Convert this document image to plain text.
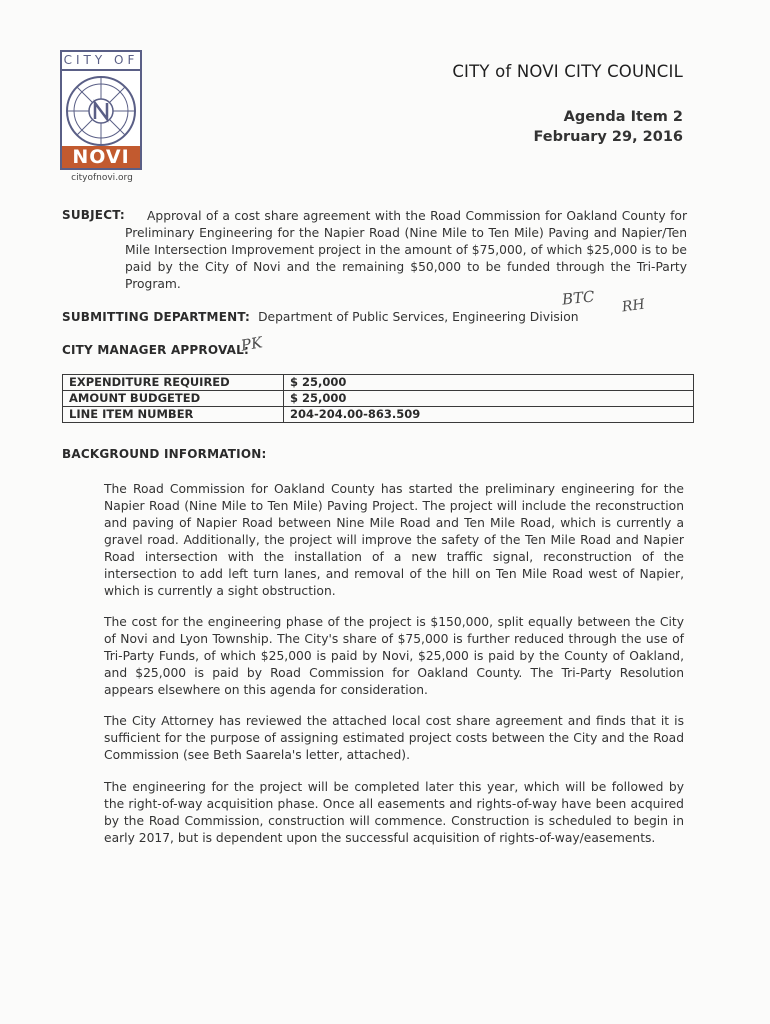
CITY OF
NOVI
cityofnovi.org
CITY of NOVI CITY COUNCIL
Agenda Item 2
February 29, 2016
SUBJECT:	Approval of a cost share agreement with the Road Commission for Oakland County for Preliminary Engineering for the Napier Road (Nine Mile to Ten Mile) Paving and Napier/Ten Mile Intersection Improvement project in the amount of $75,000, of which $25,000 is to be paid by the City of Novi and the remaining $50,000 to be funded through the Tri-Party Program.
SUBMITTING DEPARTMENT: Department of Public Services, Engineering Division
BTC RH
CITY MANAGER APPROVAL:
PK
EXPENDITURE REQUIRED	$ 25,000
AMOUNT BUDGETED	$ 25,000
LINE ITEM NUMBER	204-204.00-863.509
BACKGROUND INFORMATION:
The Road Commission for Oakland County has started the preliminary engineering for the Napier Road (Nine Mile to Ten Mile) Paving Project. The project will include the reconstruction and paving of Napier Road between Nine Mile Road and Ten Mile Road, which is currently a gravel road. Additionally, the project will improve the safety of the Ten Mile Road and Napier Road intersection with the installation of a new traffic signal, reconstruction of the intersection to add left turn lanes, and removal of the hill on Ten Mile Road west of Napier, which is currently a sight obstruction.
The cost for the engineering phase of the project is $150,000, split equally between the City of Novi and Lyon Township. The City's share of $75,000 is further reduced through the use of Tri-Party Funds, of which $25,000 is paid by Novi, $25,000 is paid by the County of Oakland, and $25,000 is paid by Road Commission for Oakland County. The Tri-Party Resolution appears elsewhere on this agenda for consideration.
The City Attorney has reviewed the attached local cost share agreement and finds that it is sufficient for the purpose of assigning estimated project costs between the City and the Road Commission (see Beth Saarela's letter, attached).
The engineering for the project will be completed later this year, which will be followed by the right-of-way acquisition phase. Once all easements and rights-of-way have been acquired by the Road Commission, construction will commence. Construction is scheduled to begin in early 2017, but is dependent upon the successful acquisition of rights-of-way/easements.
